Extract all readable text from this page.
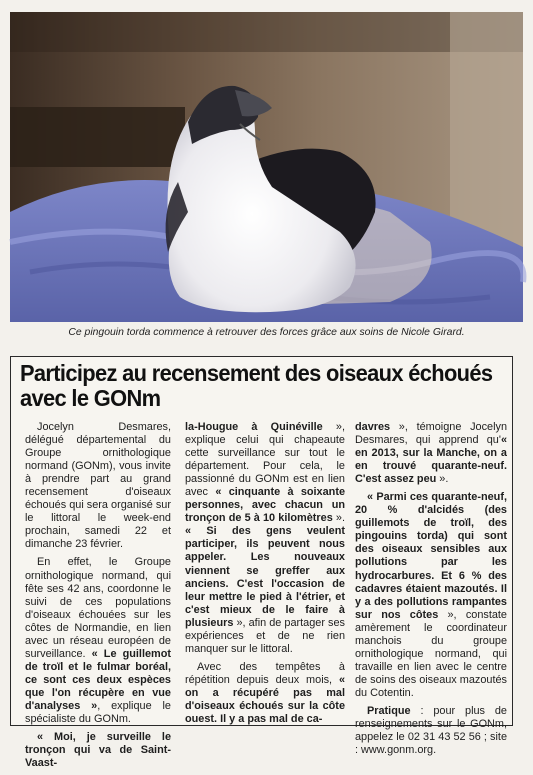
Ce pingouin torda commence à retrouver des forces grâce aux soins de Nicole Girard.
Participez au recensement des oiseaux échoués
avec le GONm

Jocelyn Desmares, délégué départemental du Groupe ornithologique normand (GONm), vous invite à prendre part au grand recensement d'oiseaux échoués qui sera organisé sur le littoral le week-end prochain, samedi 22 et dimanche 23 février.

En effet, le Groupe ornithologique normand, qui fête ses 42 ans, coordonne le suivi de ces populations d'oiseaux échouées sur les côtes de Normandie, en lien avec un réseau européen de surveillance. « Le guillemot de troïl et le fulmar boréal, ce sont ces deux espèces que l'on récupère en vue d'analyses », explique le spécialiste du GONm.

« Moi, je surveille le tronçon qui va de Saint-Vaast-

la-Hougue à Quinéville », explique celui qui chapeaute cette surveillance sur tout le département. Pour cela, le passionné du GONm est en lien avec « cinquante à soixante personnes, avec chacun un tronçon de 5 à 10 kilomètres ». « Si des gens veulent participer, ils peuvent nous appeler. Les nouveaux viennent se greffer aux anciens. C'est l'occasion de leur mettre le pied à l'étrier, et c'est mieux de le faire à plusieurs », afin de partager ses expériences et de ne rien manquer sur le littoral.

Avec des tempêtes à répétition depuis deux mois, « on a récupéré pas mal d'oiseaux échoués sur la côte ouest. Il y a pas mal de ca-

davres », témoigne Jocelyn Desmares, qui apprend qu'« en 2013, sur la Manche, on a en trouvé quarante-neuf. C'est assez peu ».

« Parmi ces quarante-neuf, 20 % d'alcidés (des guillemots de troïl, des pingouins torda) qui sont des oiseaux sensibles aux pollutions par les hydrocarbures. Et 6 % des cadavres étaient mazoutés. Il y a des pollutions rampantes sur nos côtes », constate amèrement le coordinateur manchois du groupe ornithologique normand, qui travaille en lien avec le centre de soins des oiseaux mazoutés du Cotentin.

Pratique : pour plus de renseignements sur le GONm, appelez le 02 31 43 52 56 ; site : www.gonm.org.
